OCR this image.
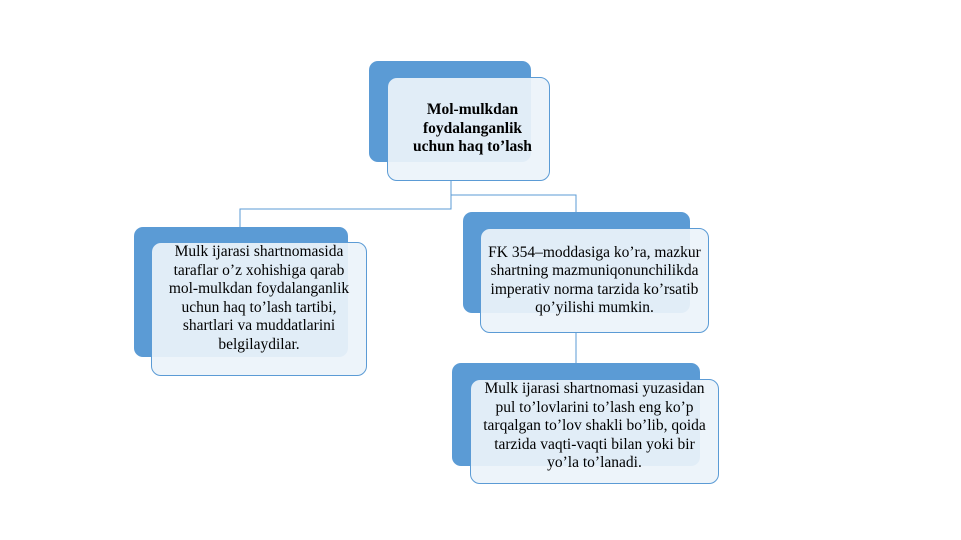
Mol-mulkdan foydalanganlik uchun haq to’lash
Mulk ijarasi shartnomasida taraflar o’z xohishiga qarab mol-mulkdan foydalanganlik uchun haq to’lash tartibi, shartlari va muddatlarini belgilaydilar.
FK 354–moddasiga ko’ra, mazkur shartning mazmuniqonunchilikda imperativ norma tarzida ko’rsatib qo’yilishi mumkin.
Mulk ijarasi shartnomasi yuzasidan pul to’lovlarini to’lash eng ko’p tarqalgan to’lov shakli bo’lib, qoida tarzida vaqti-vaqti bilan yoki bir yo’la to’lanadi.
